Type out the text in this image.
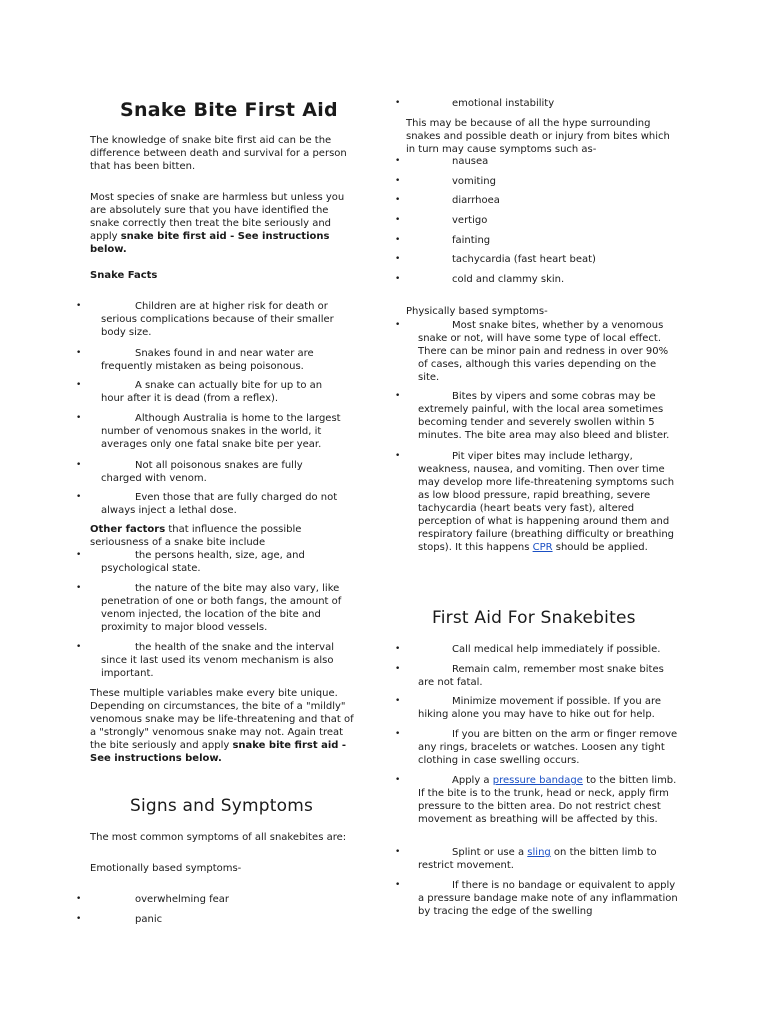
Snake Bite First Aid

The knowledge of snake bite first aid can be the difference between death and survival for a person that has been bitten.

Most species of snake are harmless but unless you are absolutely sure that you have identified the snake correctly then treat the bite seriously and apply snake bite first aid - See instructions below.

Snake Facts

•	Children are at higher risk for death or serious complications because of their smaller body size.

•	Snakes found in and near water are frequently mistaken as being poisonous.

•	A snake can actually bite for up to an hour after it is dead (from a reflex).

•	Although Australia is home to the largest number of venomous snakes in the world, it averages only one fatal snake bite per year.

•	Not all poisonous snakes are fully charged with venom.

•	Even those that are fully charged do not always inject a lethal dose.

Other factors that influence the possible seriousness of a snake bite include

•	the persons health, size, age, and psychological state.

•	the nature of the bite may also vary, like penetration of one or both fangs, the amount of venom injected, the location of the bite and proximity to major blood vessels.

•	the health of the snake and the interval since it last used its venom mechanism is also important.

These multiple variables make every bite unique. Depending on circumstances, the bite of a "mildly" venomous snake may be life-threatening and that of a "strongly" venomous snake may not. Again treat the bite seriously and apply snake bite first aid - See instructions below.

Signs and Symptoms

The most common symptoms of all snakebites are:

Emotionally based symptoms-

•	overwhelming fear

•	panic

•	emotional instability

This may be because of all the hype surrounding snakes and possible death or injury from bites which in turn may cause symptoms such as-

•	nausea

•	vomiting

•	diarrhoea

•	vertigo

•	fainting

•	tachycardia (fast heart beat)

•	cold and clammy skin.

Physically based symptoms-

•	Most snake bites, whether by a venomous snake or not, will have some type of local effect. There can be minor pain and redness in over 90% of cases, although this varies depending on the site.

•	Bites by vipers and some cobras may be extremely painful, with the local area sometimes becoming tender and severely swollen within 5 minutes. The bite area may also bleed and blister.

•	Pit viper bites may include lethargy, weakness, nausea, and vomiting. Then over time may develop more life-threatening symptoms such as low blood pressure, rapid breathing, severe tachycardia (heart beats very fast), altered perception of what is happening around them and respiratory failure (breathing difficulty or breathing stops). It this happens CPR should be applied.

First Aid For Snakebites
•	Call medical help immediately if possible.

•	Remain calm, remember most snake bites are not fatal.

•	Minimize movement if possible. If you are hiking alone you may have to hike out for help.

•	If you are bitten on the arm or finger remove any rings, bracelets or watches. Loosen any tight clothing in case swelling occurs.

•	Apply a pressure bandage to the bitten limb. If the bite is to the trunk, head or neck, apply firm pressure to the bitten area. Do not restrict chest movement as breathing will be affected by this.

•	Splint or use a sling on the bitten limb to restrict movement.

•	If there is no bandage or equivalent to apply a pressure bandage make note of any inflammation by tracing the edge of the swelling
